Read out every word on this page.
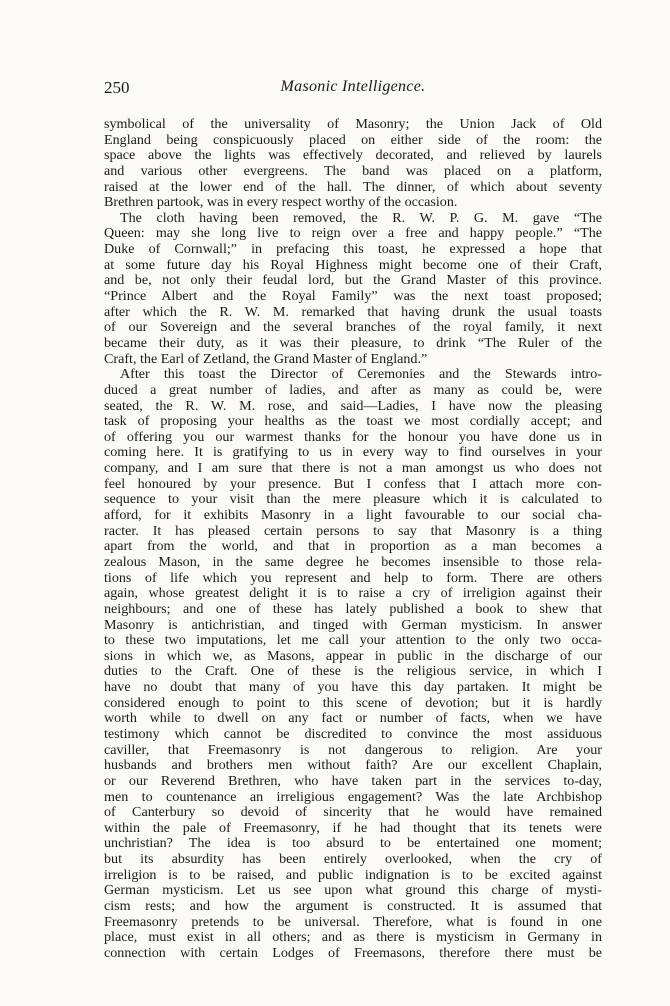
250	Masonic Intelligence.
symbolical of the universality of Masonry; the Union Jack of Old
England being conspicuously placed on either side of the room: the
space above the lights was effectively decorated, and relieved by laurels
and various other evergreens. The band was placed on a platform,
raised at the lower end of the hall. The dinner, of which about seventy
Brethren partook, was in every respect worthy of the occasion.
The cloth having been removed, the R. W. P. G. M. gave “The
Queen: may she long live to reign over a free and happy people.” “The
Duke of Cornwall;” in prefacing this toast, he expressed a hope that
at some future day his Royal Highness might become one of their Craft,
and be, not only their feudal lord, but the Grand Master of this province.
“Prince Albert and the Royal Family” was the next toast proposed;
after which the R. W. M. remarked that having drunk the usual toasts
of our Sovereign and the several branches of the royal family, it next
became their duty, as it was their pleasure, to drink “The Ruler of the
Craft, the Earl of Zetland, the Grand Master of England.”
After this toast the Director of Ceremonies and the Stewards intro-
duced a great number of ladies, and after as many as could be, were
seated, the R. W. M. rose, and said—Ladies, I have now the pleasing
task of proposing your healths as the toast we most cordially accept; and
of offering you our warmest thanks for the honour you have done us in
coming here. It is gratifying to us in every way to find ourselves in your
company, and I am sure that there is not a man amongst us who does not
feel honoured by your presence. But I confess that I attach more con-
sequence to your visit than the mere pleasure which it is calculated to
afford, for it exhibits Masonry in a light favourable to our social cha-
racter. It has pleased certain persons to say that Masonry is a thing
apart from the world, and that in proportion as a man becomes a
zealous Mason, in the same degree he becomes insensible to those rela-
tions of life which you represent and help to form. There are others
again, whose greatest delight it is to raise a cry of irreligion against their
neighbours; and one of these has lately published a book to shew that
Masonry is antichristian, and tinged with German mysticism. In answer
to these two imputations, let me call your attention to the only two occa-
sions in which we, as Masons, appear in public in the discharge of our
duties to the Craft. One of these is the religious service, in which I
have no doubt that many of you have this day partaken. It might be
considered enough to point to this scene of devotion; but it is hardly
worth while to dwell on any fact or number of facts, when we have
testimony which cannot be discredited to convince the most assiduous
caviller, that Freemasonry is not dangerous to religion. Are your
husbands and brothers men without faith? Are our excellent Chaplain,
or our Reverend Brethren, who have taken part in the services to-day,
men to countenance an irreligious engagement? Was the late Archbishop
of Canterbury so devoid of sincerity that he would have remained
within the pale of Freemasonry, if he had thought that its tenets were
unchristian? The idea is too absurd to be entertained one moment;
but its absurdity has been entirely overlooked, when the cry of
irreligion is to be raised, and public indignation is to be excited against
German mysticism. Let us see upon what ground this charge of mysti-
cism rests; and how the argument is constructed. It is assumed that
Freemasonry pretends to be universal. Therefore, what is found in one
place, must exist in all others; and as there is mysticism in Germany in
connection with certain Lodges of Freemasons, therefore there must be
